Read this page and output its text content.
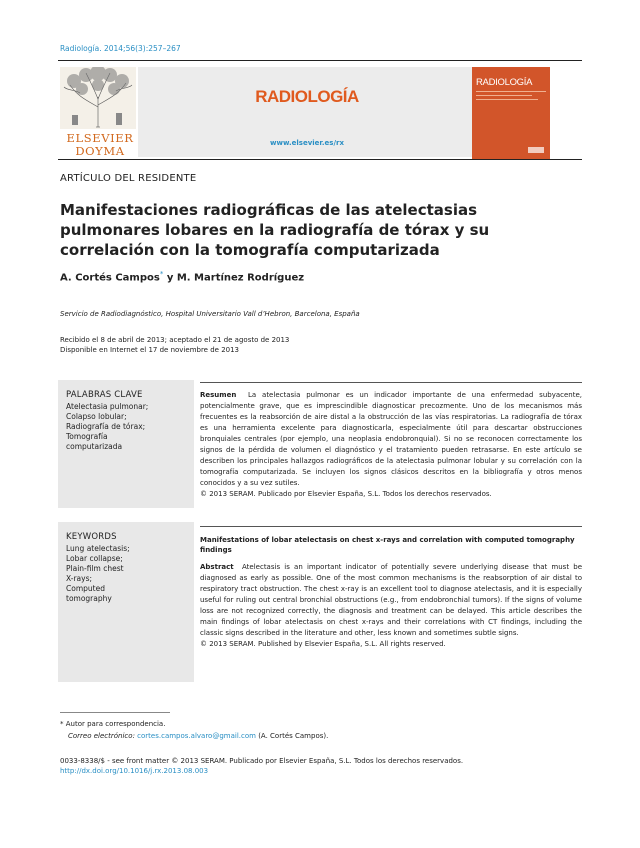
Radiología. 2014;56(3):257–267
ELSEVIER
DOYMA
RADIOLOGÍA
www.elsevier.es/rx
RADIOLOGÍA
ARTÍCULO DEL RESIDENTE
Manifestaciones radiográficas de las atelectasias pulmonares lobares en la radiografía de tórax y su correlación con la tomografía computarizada
A. Cortés Campos* y M. Martínez Rodríguez
Servicio de Radiodiagnóstico, Hospital Universitario Vall d’Hebron, Barcelona, España
Recibido el 8 de abril de 2013; aceptado el 21 de agosto de 2013
Disponible en Internet el 17 de noviembre de 2013
PALABRAS CLAVE
Atelectasia pulmonar;
Colapso lobular;
Radiografía de tórax;
Tomografía
computarizada
KEYWORDS
Lung atelectasis;
Lobar collapse;
Plain-film chest
X-rays;
Computed
tomography
Resumen La atelectasia pulmonar es un indicador importante de una enfermedad subyacente, potencialmente grave, que es imprescindible diagnosticar precozmente. Uno de los mecanismos más frecuentes es la reabsorción de aire distal a la obstrucción de las vías respiratorias. La radiografía de tórax es una herramienta excelente para diagnosticarla, especialmente útil para descartar obstrucciones bronquiales centrales (por ejemplo, una neoplasia endobronquial). Si no se reconocen correctamente los signos de la pérdida de volumen el diagnóstico y el tratamiento pueden retrasarse. En este artículo se describen los principales hallazgos radiográficos de la atelectasia pulmonar lobular y su correlación con la tomografía computarizada. Se incluyen los signos clásicos descritos en la bibliografía y otros menos conocidos y a su vez sutiles.
© 2013 SERAM. Publicado por Elsevier España, S.L. Todos los derechos reservados.
Manifestations of lobar atelectasis on chest x-rays and correlation with computed tomography findings
Abstract Atelectasis is an important indicator of potentially severe underlying disease that must be diagnosed as early as possible. One of the most common mechanisms is the reabsorption of air distal to respiratory tract obstruction. The chest x-ray is an excellent tool to diagnose atelectasis, and it is especially useful for ruling out central bronchial obstructions (e.g., from endobronchial tumors). If the signs of volume loss are not recognized correctly, the diagnosis and treatment can be delayed. This article describes the main findings of lobar atelectasis on chest x-rays and their correlations with CT findings, including the classic signs described in the literature and other, less known and sometimes subtle signs.
© 2013 SERAM. Published by Elsevier España, S.L. All rights reserved.
* Autor para correspondencia.
Correo electrónico: cortes.campos.alvaro@gmail.com (A. Cortés Campos).
0033-8338/$ - see front matter © 2013 SERAM. Publicado por Elsevier España, S.L. Todos los derechos reservados.
http://dx.doi.org/10.1016/j.rx.2013.08.003
